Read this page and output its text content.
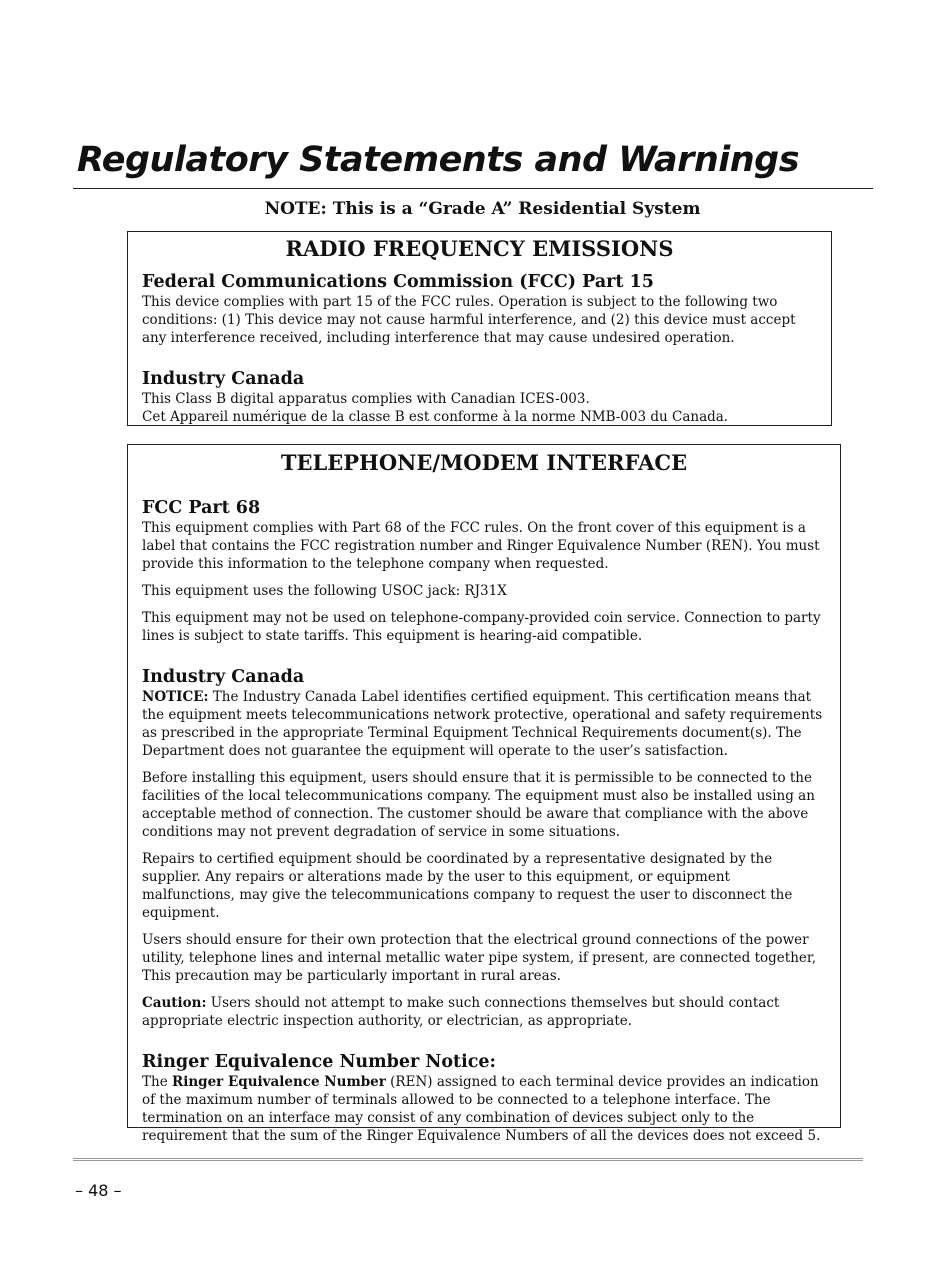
Regulatory Statements and Warnings
NOTE: This is a “Grade A” Residential System
RADIO FREQUENCY EMISSIONS
Federal Communications Commission (FCC) Part 15

This device complies with part 15 of the FCC rules. Operation is subject to the following two conditions: (1) This device may not cause harmful interference, and (2) this device must accept any interference received, including interference that may cause undesired operation.

Industry Canada

This Class B digital apparatus complies with Canadian ICES-003.

Cet Appareil numérique de la classe B est conforme à la norme NMB-003 du Canada.

TELEPHONE/MODEM INTERFACE
FCC Part 68

This equipment complies with Part 68 of the FCC rules. On the front cover of this equipment is a label that contains the FCC registration number and Ringer Equivalence Number (REN). You must provide this information to the telephone company when requested.

This equipment uses the following USOC jack: RJ31X

This equipment may not be used on telephone-company-provided coin service. Connection to party lines is subject to state tariffs. This equipment is hearing-aid compatible.

Industry Canada

NOTICE: The Industry Canada Label identifies certified equipment. This certification means that the equipment meets telecommunications network protective, operational and safety requirements as prescribed in the appropriate Terminal Equipment Technical Requirements document(s). The Department does not guarantee the equipment will operate to the user’s satisfaction.

Before installing this equipment, users should ensure that it is permissible to be connected to the facilities of the local telecommunications company. The equipment must also be installed using an acceptable method of connection. The customer should be aware that compliance with the above conditions may not prevent degradation of service in some situations.

Repairs to certified equipment should be coordinated by a representative designated by the supplier. Any repairs or alterations made by the user to this equipment, or equipment malfunctions, may give the telecommunications company to request the user to disconnect the equipment.

Users should ensure for their own protection that the electrical ground connections of the power utility, telephone lines and internal metallic water pipe system, if present, are connected together, This precaution may be particularly important in rural areas.

Caution: Users should not attempt to make such connections themselves but should contact appropriate electric inspection authority, or electrician, as appropriate.

Ringer Equivalence Number Notice:

The Ringer Equivalence Number (REN) assigned to each terminal device provides an indication of the maximum number of terminals allowed to be connected to a telephone interface. The termination on an interface may consist of any combination of devices subject only to the requirement that the sum of the Ringer Equivalence Numbers of all the devices does not exceed 5.

– 48 –
